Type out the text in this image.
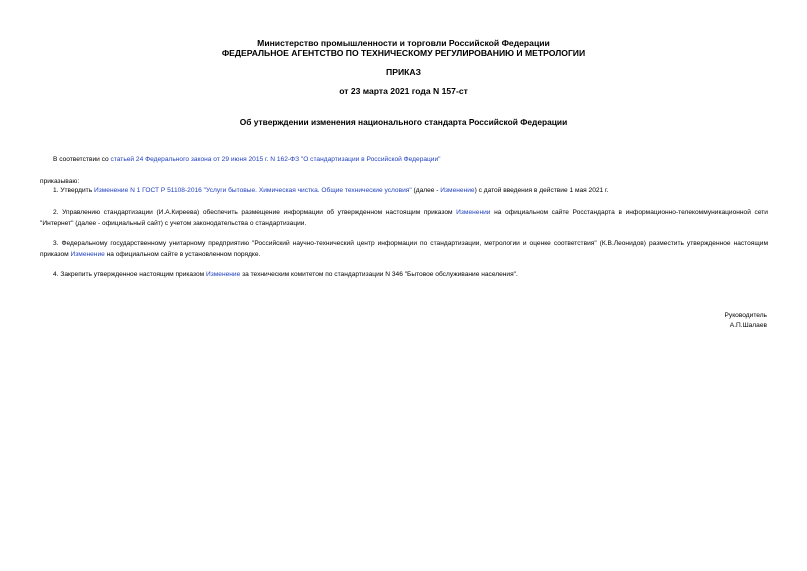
Министерство промышленности и торговли Российской Федерации

ФЕДЕРАЛЬНОЕ АГЕНТСТВО ПО ТЕХНИЧЕСКОМУ РЕГУЛИРОВАНИЮ И МЕТРОЛОГИИ

ПРИКАЗ

от 23 марта 2021 года N 157-ст

Об утверждении изменения национального стандарта Российской Федерации

В соответствии со статьей 24 Федерального закона от 29 июня 2015 г. N 162-ФЗ "О стандартизации в Российской Федерации"

приказываю:

1. Утвердить Изменение N 1 ГОСТ Р 51108-2016 "Услуги бытовые. Химическая чистка. Общие технические условия" (далее - Изменение) с датой введения в действие 1 мая 2021 г.

2. Управлению стандартизации (И.А.Киреева) обеспечить размещение информации об утвержденном настоящим приказом Изменении на официальном сайте Росстандарта в информационно-телекоммуникационной сети "Интернет" (далее - официальный сайт) с учетом законодательства о стандартизации.

3. Федеральному государственному унитарному предприятию "Российский научно-технический центр информации по стандартизации, метрологии и оценке соответствия" (К.В.Леонидов) разместить утвержденное настоящим приказом Изменение на официальном сайте в установленном порядке.

4. Закрепить утвержденное настоящим приказом Изменение за техническим комитетом по стандартизации N 346 "Бытовое обслуживание населения".

Руководитель

А.П.Шалаев
